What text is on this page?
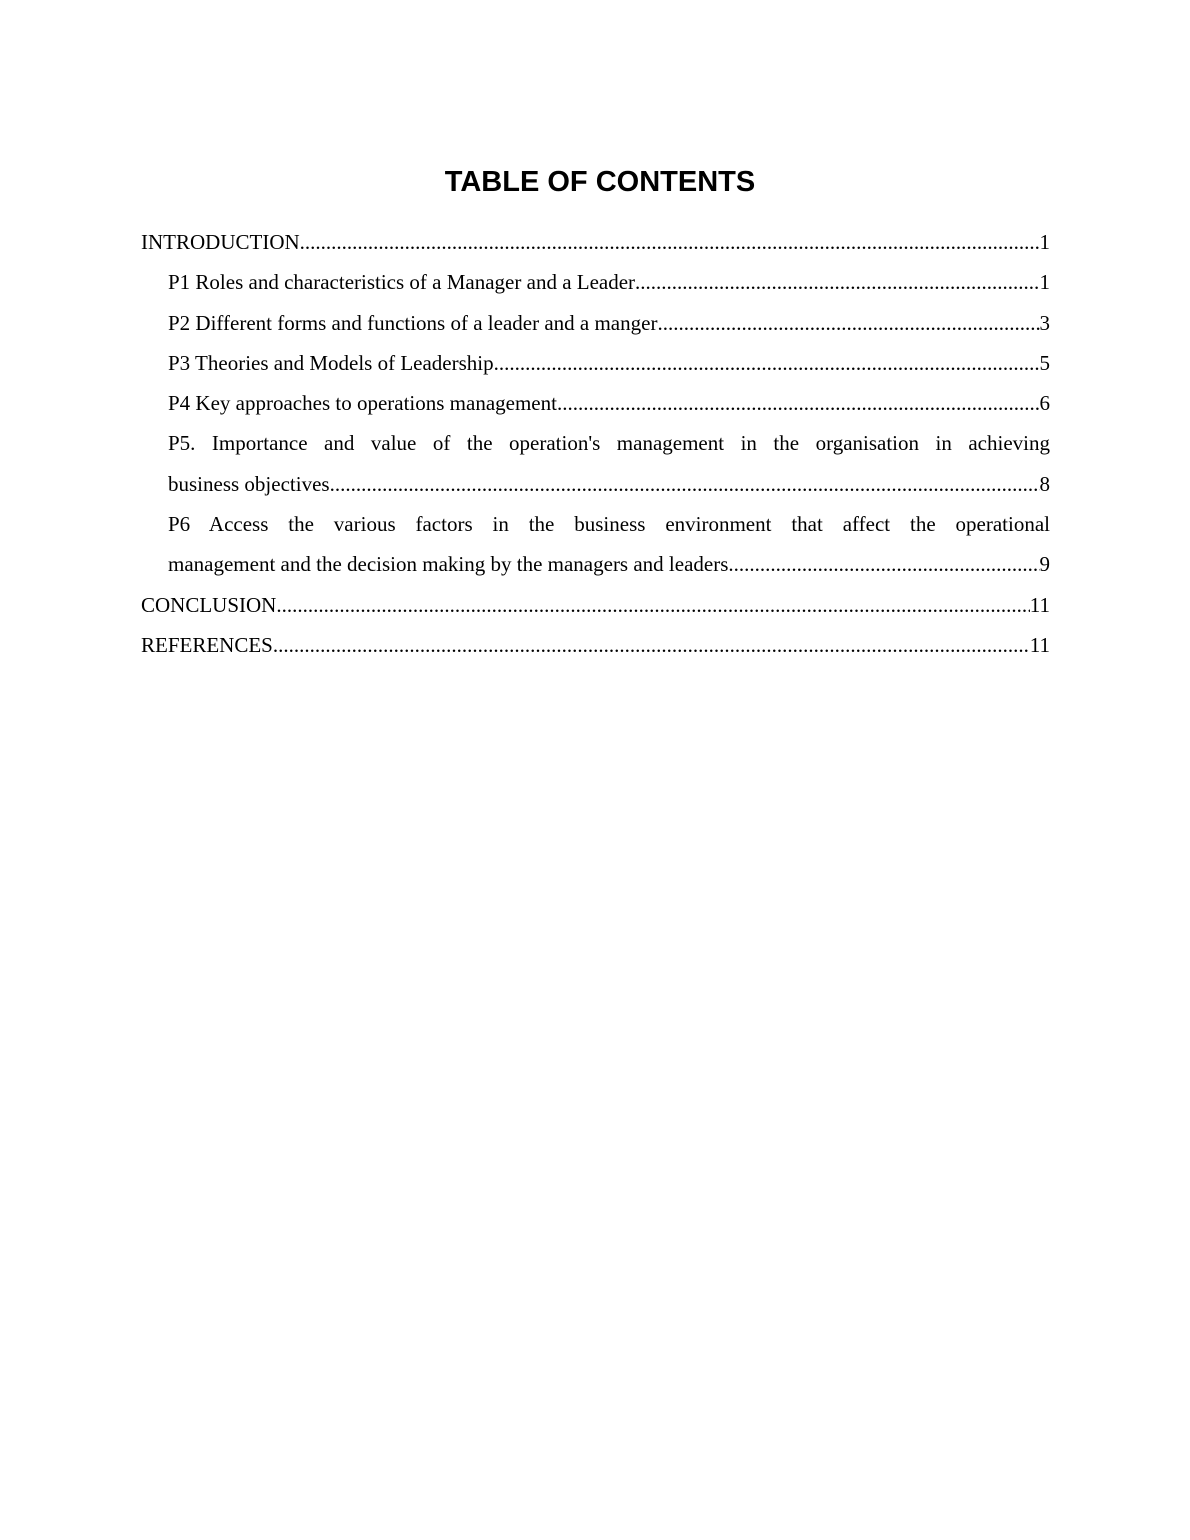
TABLE OF CONTENTS
INTRODUCTION .....	1
P1 Roles and characteristics of a Manager and a Leader .....	1
P2 Different forms and functions of a leader and a manger .....	3
P3 Theories and Models of Leadership .....	5
P4 Key approaches to operations management .....	6
P5. Importance and value of the operation's management in the organisation in achieving
business objectives .....	8
P6 Access the various factors in the business environment that affect the operational
management and the decision making by the managers and leaders. .....	9
CONCLUSION .....	11
REFERENCES .....	11
